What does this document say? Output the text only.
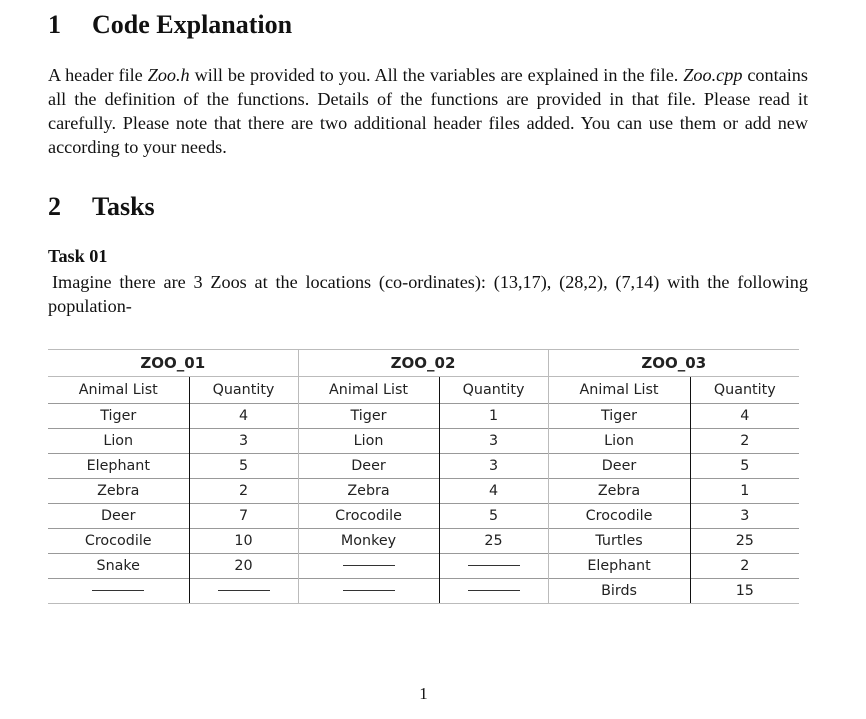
1 Code Explanation

A header file Zoo.h will be provided to you. All the variables are explained in the file. Zoo.cpp contains all the definition of the functions. Details of the functions are provided in that file. Please read it carefully. Please note that there are two additional header files added. You can use them or add new according to your needs.

2 Tasks

Task 01

Imagine there are 3 Zoos at the locations (co-ordinates): (13,17), (28,2), (7,14) with the following
population-

ZOO_01		ZOO_02		ZOO_03	
Animal List	Quantity	Animal List	Quantity	Animal List	Quantity
Tiger	4	Tiger	1	Tiger	4
Lion	3	Lion	3	Lion	2
Elephant	5	Deer	3	Deer	5
Zebra	2	Zebra	4	Zebra	1
Deer	7	Crocodile	5	Crocodile	3
Crocodile	10	Monkey	25	Turtles	25
Snake	20			Elephant	2
				Birds	15

1
